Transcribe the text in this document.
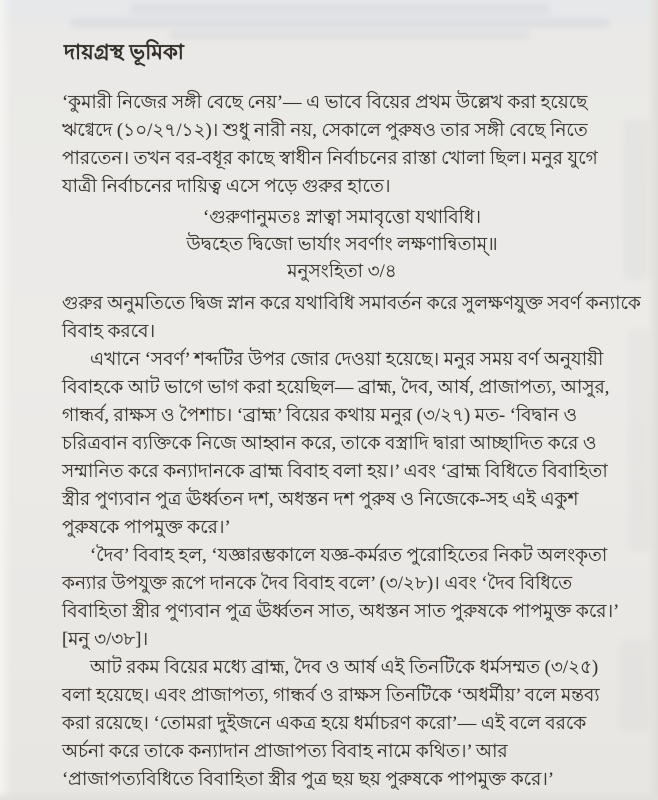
দায়গ্রস্থ ভূমিকা
‘কুমারী নিজের সঙ্গী বেছে নেয়’— এ ভাবে বিয়ের প্রথম উল্লেখ করা হয়েছে
ঋগ্বেদে (১০/২৭/১২)। শুধু নারী নয়, সেকালে পুরুষও তার সঙ্গী বেছে নিতে
পারতেন। তখন বর-বধূর কাছে স্বাধীন নির্বাচনের রাস্তা খোলা ছিল। মনুর যুগে
যাত্রী নির্বাচনের দায়িত্ব এসে পড়ে গুরুর হাতে।
‘গুরুণানুমতঃ স্নাত্বা সমাবৃত্তো যথাবিধি।
উদ্বহেত দ্বিজো ভার্যাং সবর্ণাং লক্ষণান্বিতাম্॥
মনুসংহিতা ৩/৪
গুরুর অনুমতিতে দ্বিজ স্নান করে যথাবিধি সমাবর্তন করে সুলক্ষণযুক্ত সবর্ণ কন্যাকে
বিবাহ করবে।
এখানে ‘সবর্ণ’ শব্দটির উপর জোর দেওয়া হয়েছে। মনুর সময় বর্ণ অনুযায়ী
বিবাহকে আট ভাগে ভাগ করা হয়েছিল— ব্রাহ্ম, দৈব, আর্ষ, প্রাজাপত্য, আসুর,
গান্ধর্ব, রাক্ষস ও পৈশাচ। ‘ব্রাহ্ম’ বিয়ের কথায় মনুর (৩/২৭) মত- ‘বিদ্বান ও
চরিত্রবান ব্যক্তিকে নিজে আহ্বান করে, তাকে বস্ত্রাদি দ্বারা আচ্ছাদিত করে ও
সম্মানিত করে কন্যাদানকে ব্রাহ্ম বিবাহ বলা হয়।’ এবং ‘ব্রাহ্ম বিধিতে বিবাহিতা
স্ত্রীর পুণ্যবান পুত্র ঊর্ধ্বতন দশ, অধস্তন দশ পুরুষ ও নিজেকে-সহ এই একুশ
পুরুষকে পাপমুক্ত করে।’
‘দৈব’ বিবাহ হল, ‘যজ্ঞারম্ভকালে যজ্ঞ-কর্মরত পুরোহিতের নিকট অলংকৃতা
কন্যার উপযুক্ত রূপে দানকে দৈব বিবাহ বলে’ (৩/২৮)। এবং ‘দৈব বিধিতে
বিবাহিতা স্ত্রীর পুণ্যবান পুত্র ঊর্ধ্বতন সাত, অধস্তন সাত পুরুষকে পাপমুক্ত করে।’
[মনু ৩/৩৮]।
আট রকম বিয়ের মধ্যে ব্রাহ্ম, দৈব ও আর্ষ এই তিনটিকে ধর্মসম্মত (৩/২৫)
বলা হয়েছে। এবং প্রাজাপত্য, গান্ধর্ব ও রাক্ষস তিনটিকে ‘অধর্মীয়’ বলে মন্তব্য
করা রয়েছে। ‘তোমরা দুইজনে একত্র হয়ে ধর্মাচরণ করো’— এই বলে বরকে
অর্চনা করে তাকে কন্যাদান প্রাজাপত্য বিবাহ নামে কথিত।’ আর
‘প্রাজাপত্যবিধিতে বিবাহিতা স্ত্রীর পুত্র ছয় ছয় পুরুষকে পাপমুক্ত করে।’
